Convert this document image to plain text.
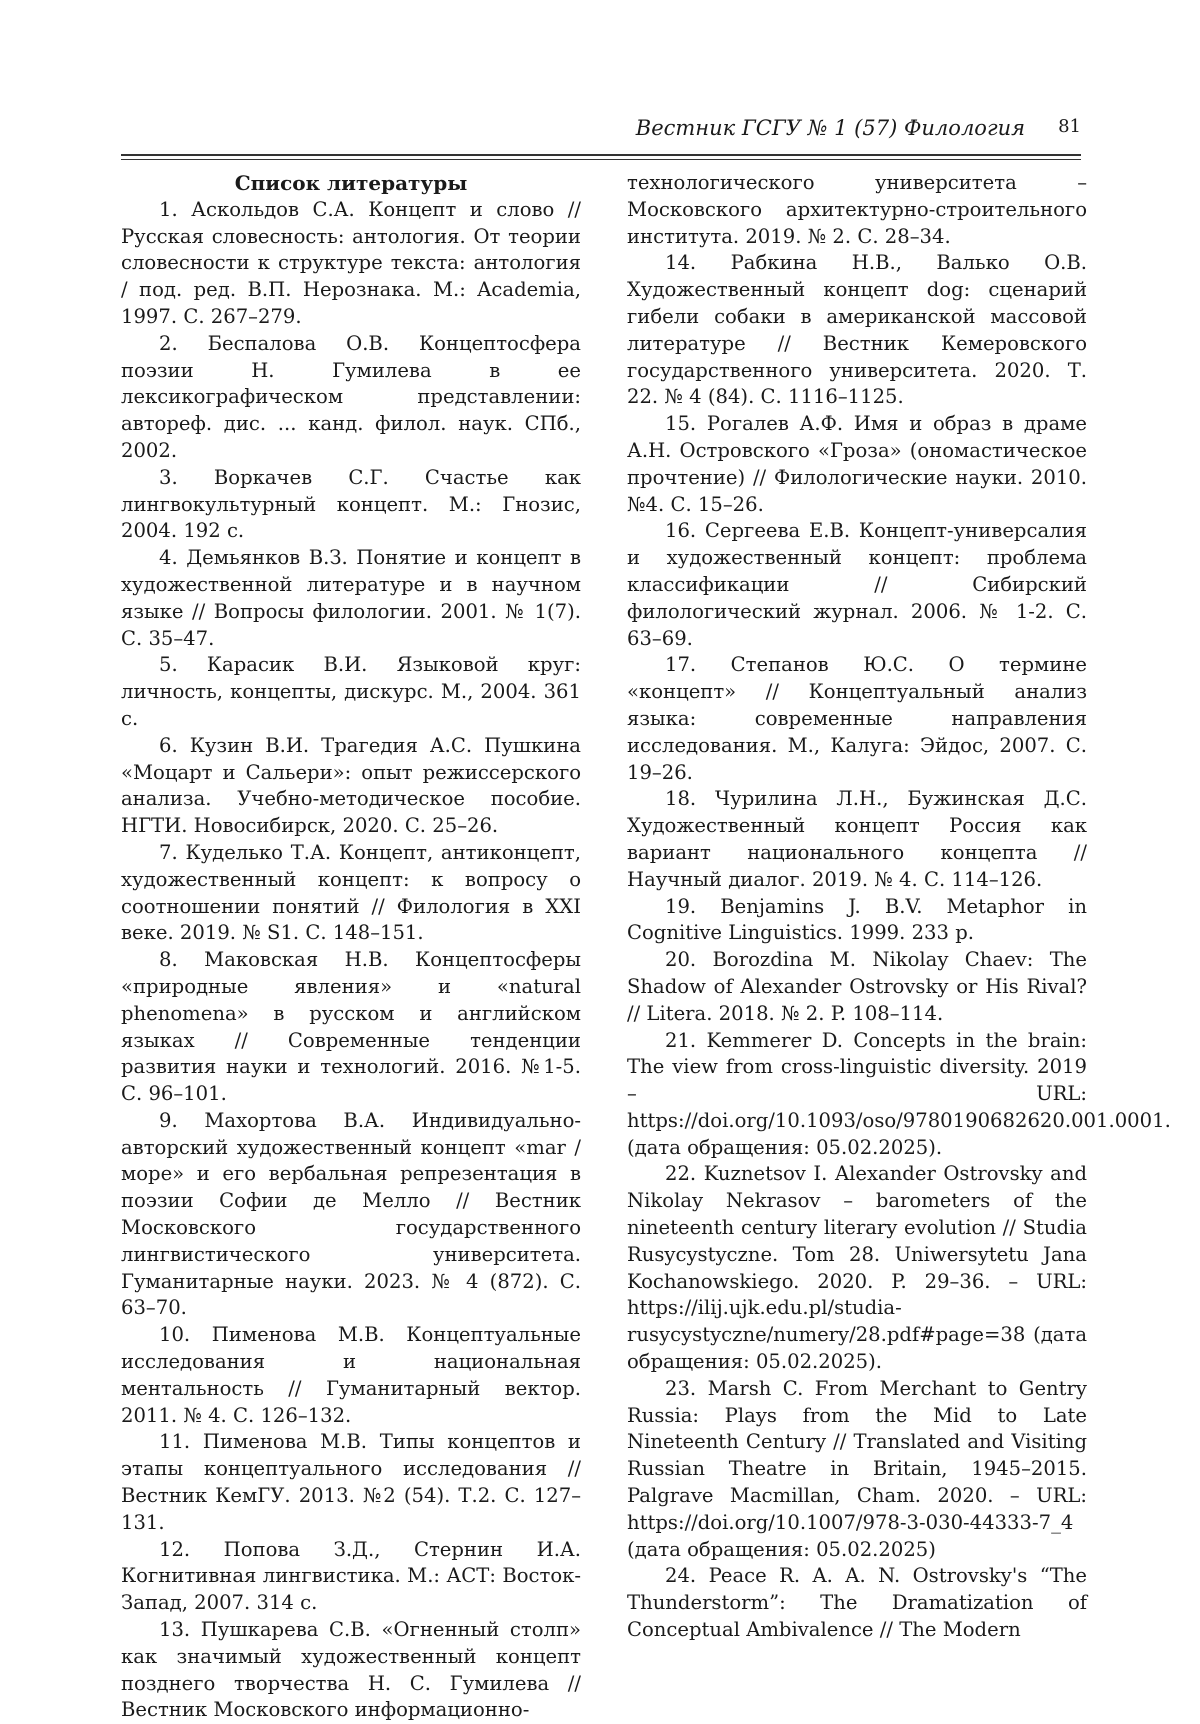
Вестник ГСГУ № 1 (57) Филология 81

Список литературы

1. Аскольдов С.А. Концепт и слово // Русская словесность: антология. От теории словесности к структуре текста: антология / под. ред. В.П. Нерознака. М.: Academia, 1997. С. 267–279.

2. Беспалова О.В. Концептосфера поэзии Н. Гумилева в ее лексикографическом представлении: автореф. дис. ... канд. филол. наук. СПб., 2002.

3. Воркачев С.Г. Счастье как лингвокультурный концепт. М.: Гнозис, 2004. 192 с.

4. Демьянков В.З. Понятие и концепт в художественной литературе и в научном языке // Вопросы филологии. 2001. № 1(7). С. 35–47.

5. Карасик В.И. Языковой круг: личность, концепты, дискурс. М., 2004. 361 с.

6. Кузин В.И. Трагедия А.С. Пушкина «Моцарт и Сальери»: опыт режиссерского анализа. Учебно-методическое пособие. НГТИ. Новосибирск, 2020. С. 25–26.

7. Куделько Т.А. Концепт, антиконцепт, художественный концепт: к вопросу о соотношении понятий // Филология в XXI веке. 2019. № S1. С. 148–151.

8. Маковская Н.В. Концептосферы «природные явления» и «natural phenomena» в русском и английском языках // Современные тенденции развития науки и технологий. 2016. №1-5. С. 96–101.

9. Махортова В.А. Индивидуально-авторский художественный концепт «mar / море» и его вербальная репрезентация в поэзии Софии де Мелло // Вестник Московского государственного лингвистического университета. Гуманитарные науки. 2023. № 4 (872). С. 63–70.

10. Пименова М.В. Концептуальные исследования и национальная ментальность // Гуманитарный вектор. 2011. № 4. С. 126–132.

11. Пименова М.В. Типы концептов и этапы концептуального исследования // Вестник КемГУ. 2013. №2 (54). Т.2. С. 127–131.

12. Попова З.Д., Стернин И.А. Когнитивная лингвистика. М.: АСТ: Восток-Запад, 2007. 314 с.

13. Пушкарева С.В. «Огненный столп» как значимый художественный концепт позднего творчества Н. С. Гумилева // Вестник Московского информационно-

технологического университета – Московского архитектурно-строительного института. 2019. № 2. С. 28–34.

14. Рабкина Н.В., Валько О.В. Художественный концепт dog: сценарий гибели собаки в американской массовой литературе // Вестник Кемеровского государственного университета. 2020. Т. 22. № 4 (84). С. 1116–1125.

15. Рогалев А.Ф. Имя и образ в драме А.Н. Островского «Гроза» (ономастическое прочтение) // Филологические науки. 2010. №4. С. 15–26.

16. Сергеева Е.В. Концепт-универсалия и художественный концепт: проблема классификации // Сибирский филологический журнал. 2006. № 1-2. С. 63–69.

17. Степанов Ю.С. О термине «концепт» // Концептуальный анализ языка: современные направления исследования. М., Калуга: Эйдос, 2007. С. 19–26.

18. Чурилина Л.Н., Бужинская Д.С. Художественный концепт Россия как вариант национального концепта // Научный диалог. 2019. № 4. С. 114–126.

19. Benjamins J. B.V. Metaphor in Cognitive Linguistics. 1999. 233 p.

20. Borozdina M. Nikolay Chaev: The Shadow of Alexander Ostrovsky or His Rival? // Litera. 2018. № 2. P. 108–114.

21. Kemmerer D. Concepts in the brain: The view from cross-linguistic diversity. 2019 – URL: https://doi.org/10.1093/oso/9780190682620.001.0001. (дата обращения: 05.02.2025).

22. Kuznetsov I. Alexander Ostrovsky and Nikolay Nekrasov – barometers of the nineteenth century literary evolution // Studia Rusycystyczne. Tom 28. Uniwersytetu Jana Kochanowskiego. 2020. P. 29–36. – URL: https://ilij.ujk.edu.pl/studia-rusycystyczne/numery/28.pdf#page=38 (дата обращения: 05.02.2025).

23. Marsh C. From Merchant to Gentry Russia: Plays from the Mid to Late Nineteenth Century // Translated and Visiting Russian Theatre in Britain, 1945–2015. Palgrave Macmillan, Cham. 2020. – URL: https://doi.org/10.1007/978-3-030-44333-7_4 (дата обращения: 05.02.2025)

24. Peace R. A. A. N. Ostrovsky's “The Thunderstorm”: The Dramatization of Conceptual Ambivalence // The Modern
